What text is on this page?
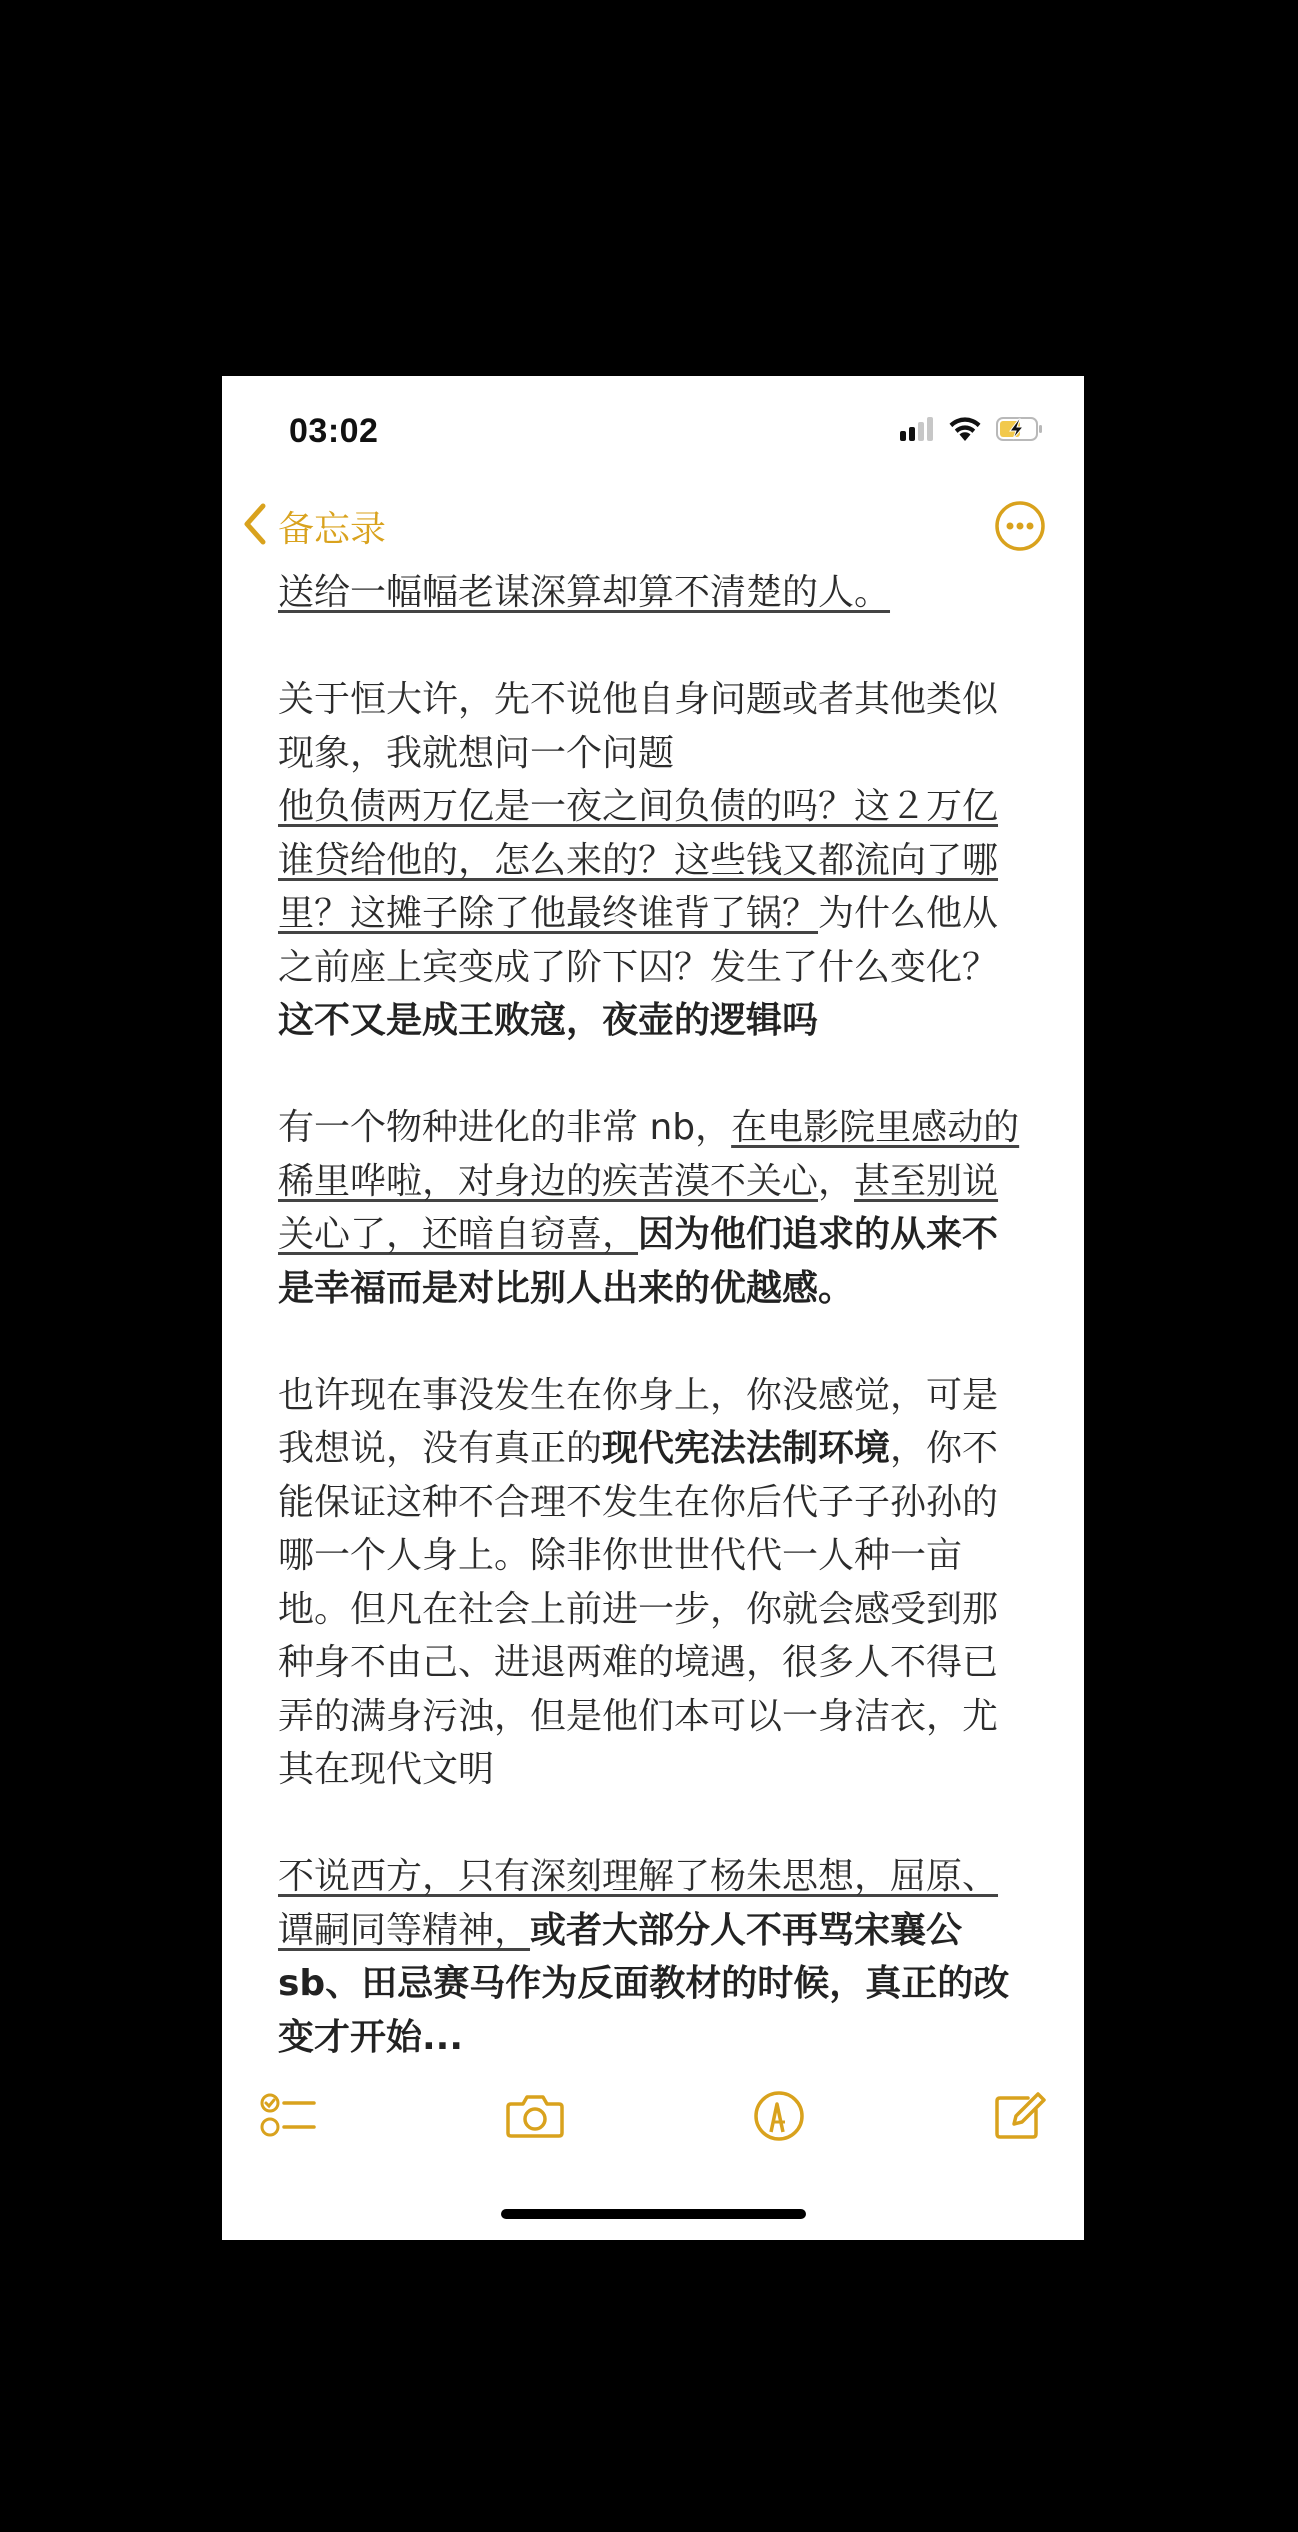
03:02
备忘录

送给一幅幅老谋深算却算不清楚的人。

关于恒大许，先不说他自身问题或者其他类似现象，我就想问一个问题

他负债两万亿是一夜之间负债的吗？这２万亿谁贷给他的，怎么来的？这些钱又都流向了哪里？这摊子除了他最终谁背了锅？为什么他从之前座上宾变成了阶下囚？发生了什么变化？这不又是成王败寇，夜壶的逻辑吗

有一个物种进化的非常 nb，在电影院里感动的稀里哗啦，对身边的疾苦漠不关心，甚至别说关心了，还暗自窃喜，因为他们追求的从来不是幸福而是对比别人出来的优越感。

也许现在事没发生在你身上，你没感觉，可是我想说，没有真正的现代宪法法制环境，你不能保证这种不合理不发生在你后代子子孙孙的哪一个人身上。除非你世世代代一人种一亩地。但凡在社会上前进一步，你就会感受到那种身不由己、进退两难的境遇，很多人不得已弄的满身污浊，但是他们本可以一身洁衣，尤其在现代文明

不说西方，只有深刻理解了杨朱思想，屈原、谭嗣同等精神，或者大部分人不再骂宋襄公 sb、田忌赛马作为反面教材的时候，真正的改变才开始...
